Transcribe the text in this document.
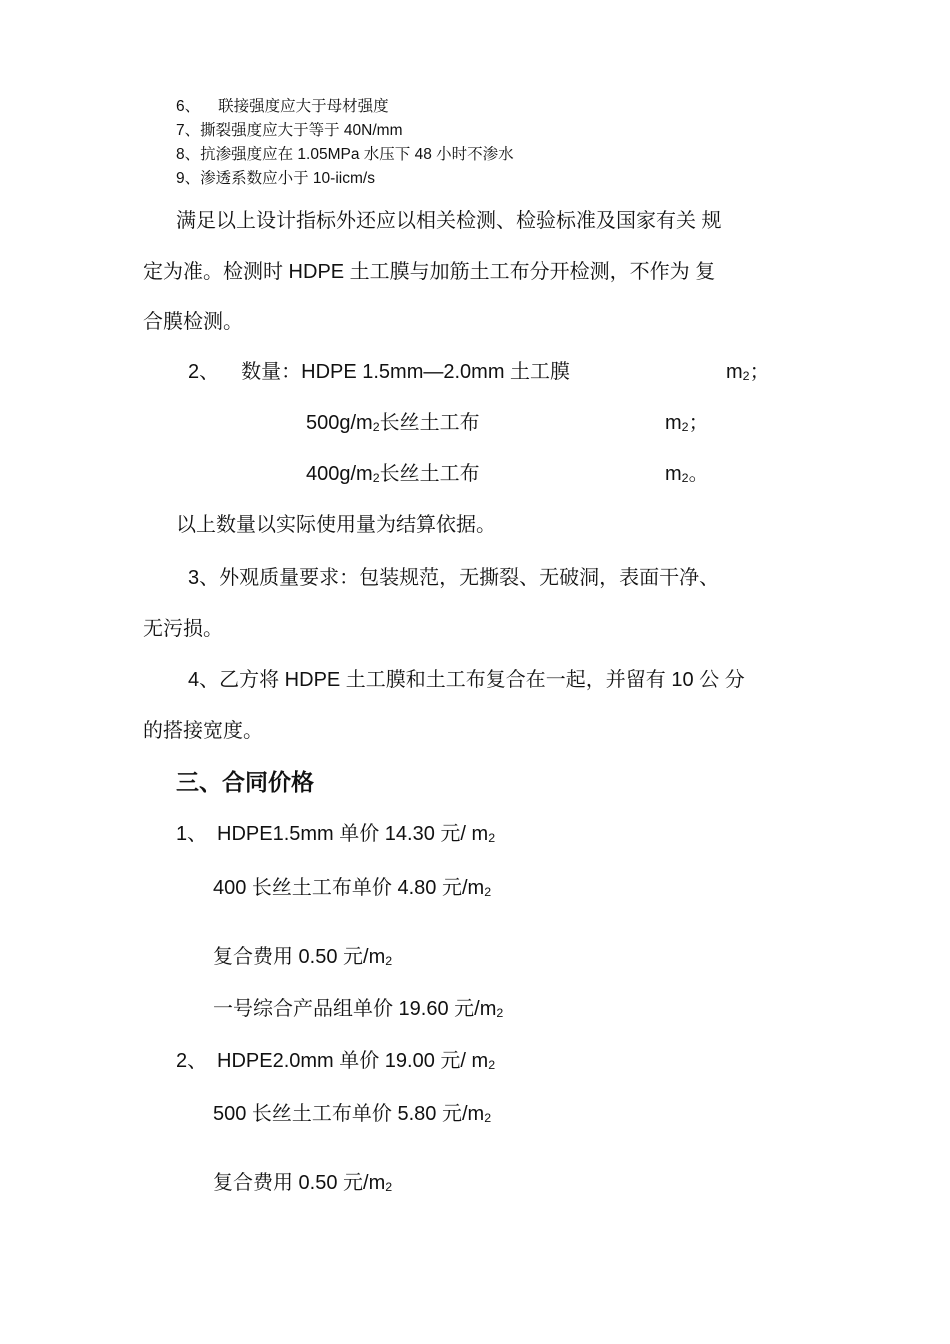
6、 联接强度应大于母材强度
7、撕裂强度应大于等于 40N/mm
8、抗渗强度应在 1.05MPa 水压下 48 小时不渗水
9、渗透系数应小于 10-iicm/s
满足以上设计指标外还应以相关检测、检验标准及国家有关 规
定为准。检测时 HDPE 土工膜与加筋土工布分开检测，不作为 复
合膜检测。
2、 数量：HDPE 1.5mm—2.0mm 土工膜	$m_2$；
$500g/m_2$长丝土工布	$m_2$；
$400g/m_2$长丝土工布	$m_2$。
以上数量以实际使用量为结算依据。
3、外观质量要求：包装规范，无撕裂、无破洞，表面干净、
无污损。
4、乙方将 HDPE 土工膜和土工布复合在一起，并留有 10 公 分
的搭接宽度。
三、合同价格
1、 HDPE1.5mm 单价 14.30 元/ $m_2$
400 长丝土工布单价 4.80 元$/m_2$
复合费用 0.50 元$/m_2$
一号综合产品组单价 19.60 元$/m_2$
2、 HDPE2.0mm 单价 19.00 元/ $m_2$
500 长丝土工布单价 5.80 元$/m_2$
复合费用 0.50 元$/m_2$
